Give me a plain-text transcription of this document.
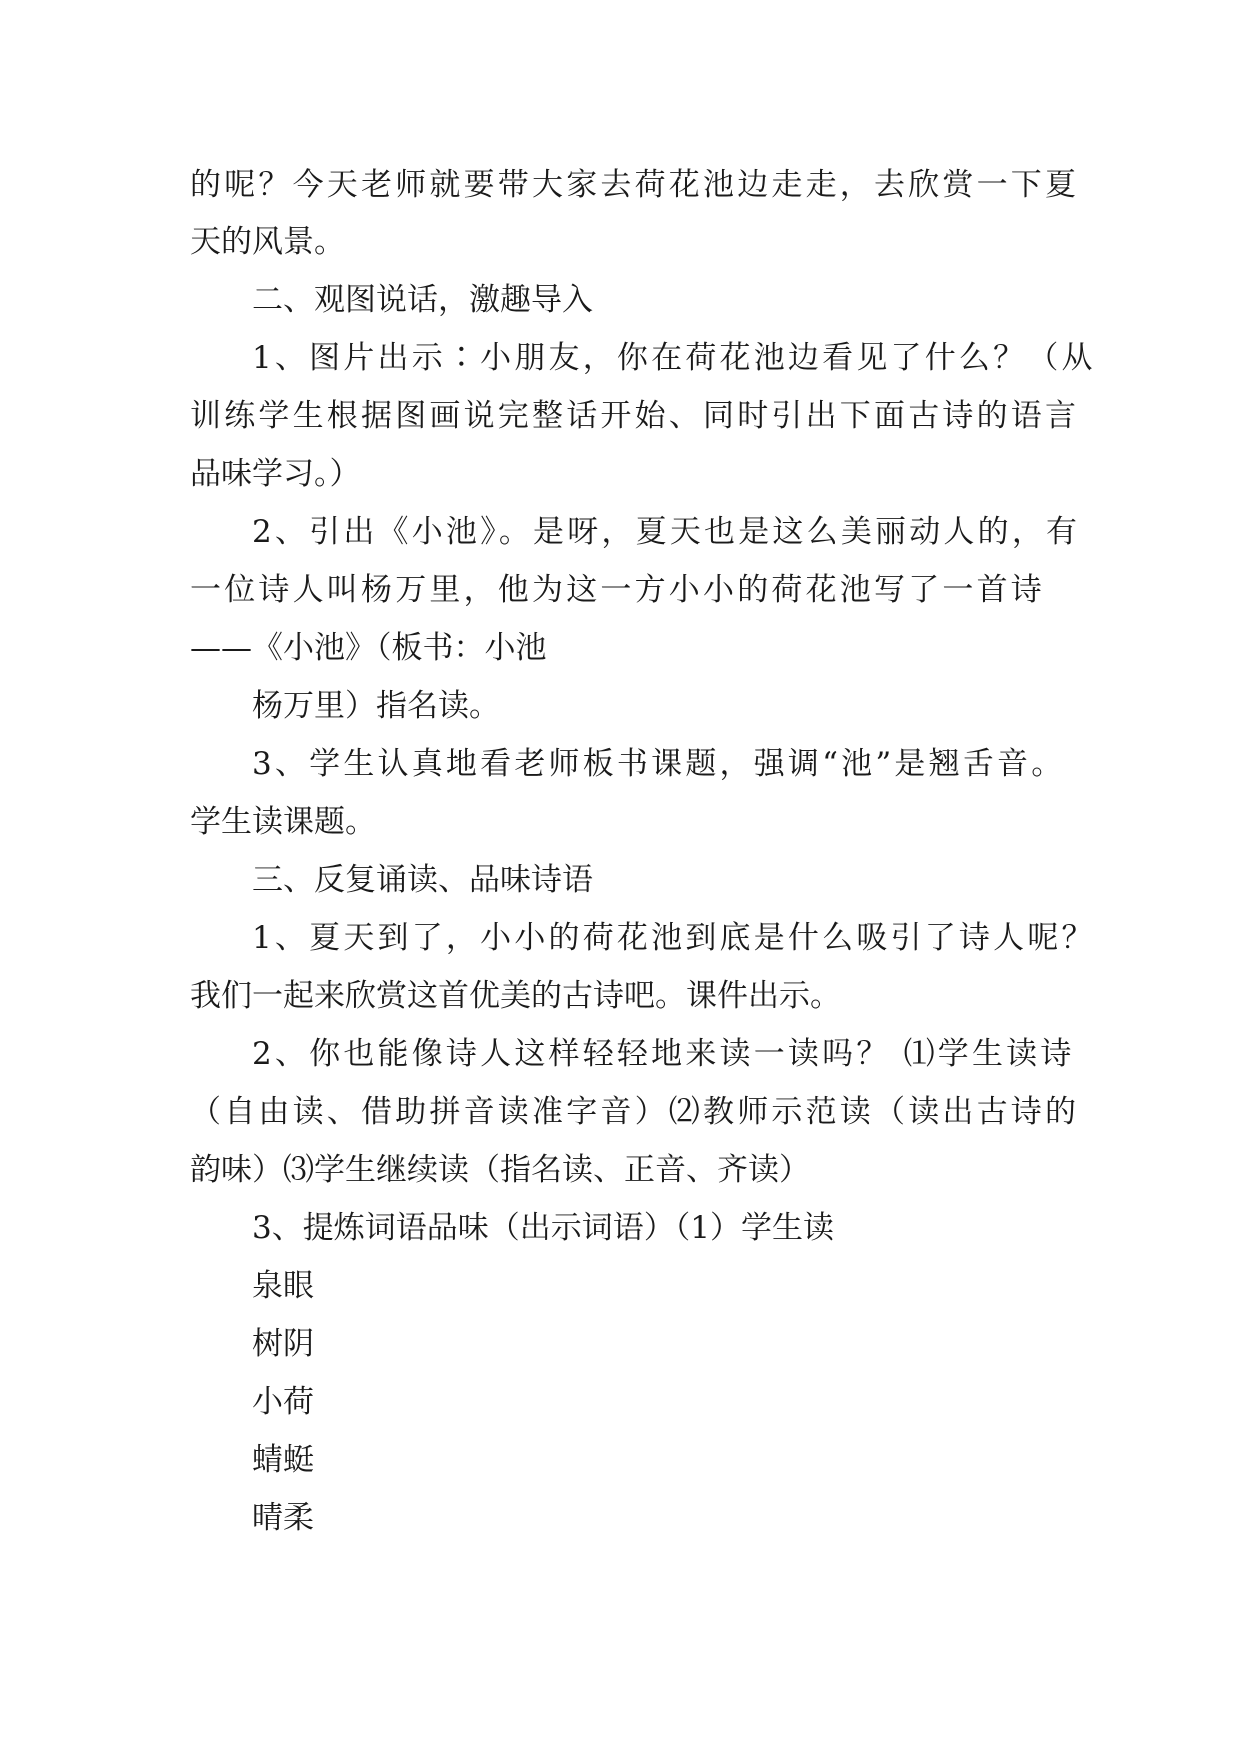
的呢？今天老师就要带大家去荷花池边走走，去欣赏一下夏
天的风景。
二、观图说话，激趣导入
1、图片出示∶小朋友，你在荷花池边看见了什么？（从
训练学生根据图画说完整话开始、同时引出下面古诗的语言
品味学习。）
2、引出《小池》。是呀，夏天也是这么美丽动人的，有
一位诗人叫杨万里，他为这一方小小的荷花池写了一首诗
——《小池》（板书：小池
杨万里）指名读。
3、学生认真地看老师板书课题，强调“池”是翘舌音。
学生读课题。
三、反复诵读、品味诗语
1、夏天到了，小小的荷花池到底是什么吸引了诗人呢？
我们一起来欣赏这首优美的古诗吧。课件出示。
2、你也能像诗人这样轻轻地来读一读吗？ ⑴学生读诗
（自由读、借助拼音读准字音）⑵教师示范读（读出古诗的
韵味）⑶学生继续读（指名读、正音、齐读）
3、提炼词语品味（出示词语）（1）学生读
泉眼
树阴
小荷
蜻蜓
晴柔
